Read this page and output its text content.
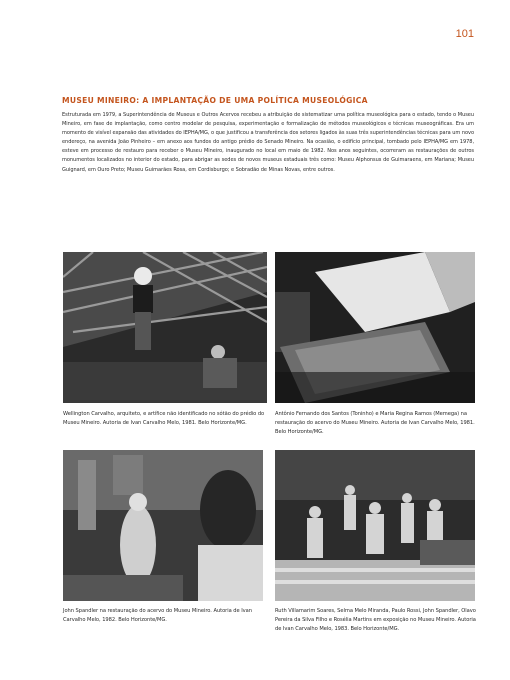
101
MUSEU MINEIRO: A IMPLANTAÇÃO DE UMA POLÍTICA MUSEOLÓGICA

Estruturada em 1979, a Superintendência de Museus e Outros Acervos recebeu a atribuição de sistematizar uma política museológica para o estado, tendo o Museu Mineiro, em fase de implantação, como centro modelar de pesquisa, experimentação e formalização de métodos museológicos e técnicas museográficas. Era um momento de visível expansão das atividades do IEPHA/MG, o que justificou a transferência dos setores ligados às suas três superintendências técnicas para um novo endereço, na avenida João Pinheiro – em anexo aos fundos do antigo prédio do Senado Mineiro. Na ocasião, o edifício principal, tombado pelo IEPHA/MG em 1978, esteve em processo de restauro para receber o Museu Mineiro, inaugurado no local em maio de 1982. Nos anos seguintes, ocorreram as restaurações de outros monumentos localizados no interior do estado, para abrigar as sedes de novos museus estaduais três como: Museu Alphonsus de Guimaraens, em Mariana; Museu Guignard, em Ouro Preto; Museu Guimarães Rosa, em Cordisburgo; e Sobradão de Minas Novas, entre outros.

Wellington Carvalho, arquiteto, e artífice não identificado no sótão do prédio do Museu Mineiro. Autoria de Ivan Carvalho Melo, 1981. Belo Horizonte/MG.

Antônio Fernando dos Santos (Toninho) e Maria Regina Ramos (Memega) na restauração do acervo do Museu Mineiro. Autoria de Ivan Carvalho Melo, 1981. Belo Horizonte/MG.

John Spandler na restauração do acervo do Museu Mineiro. Autoria de Ivan Carvalho Melo, 1982. Belo Horizonte/MG.

Ruth Villamarim Soares, Selma Melo Miranda, Paulo Rossi, John Spandler, Olavo Pereira da Silva Filho e Rosélia Martins em exposição no Museu Mineiro. Autoria de Ivan Carvalho Melo, 1983. Belo Horizonte/MG.
